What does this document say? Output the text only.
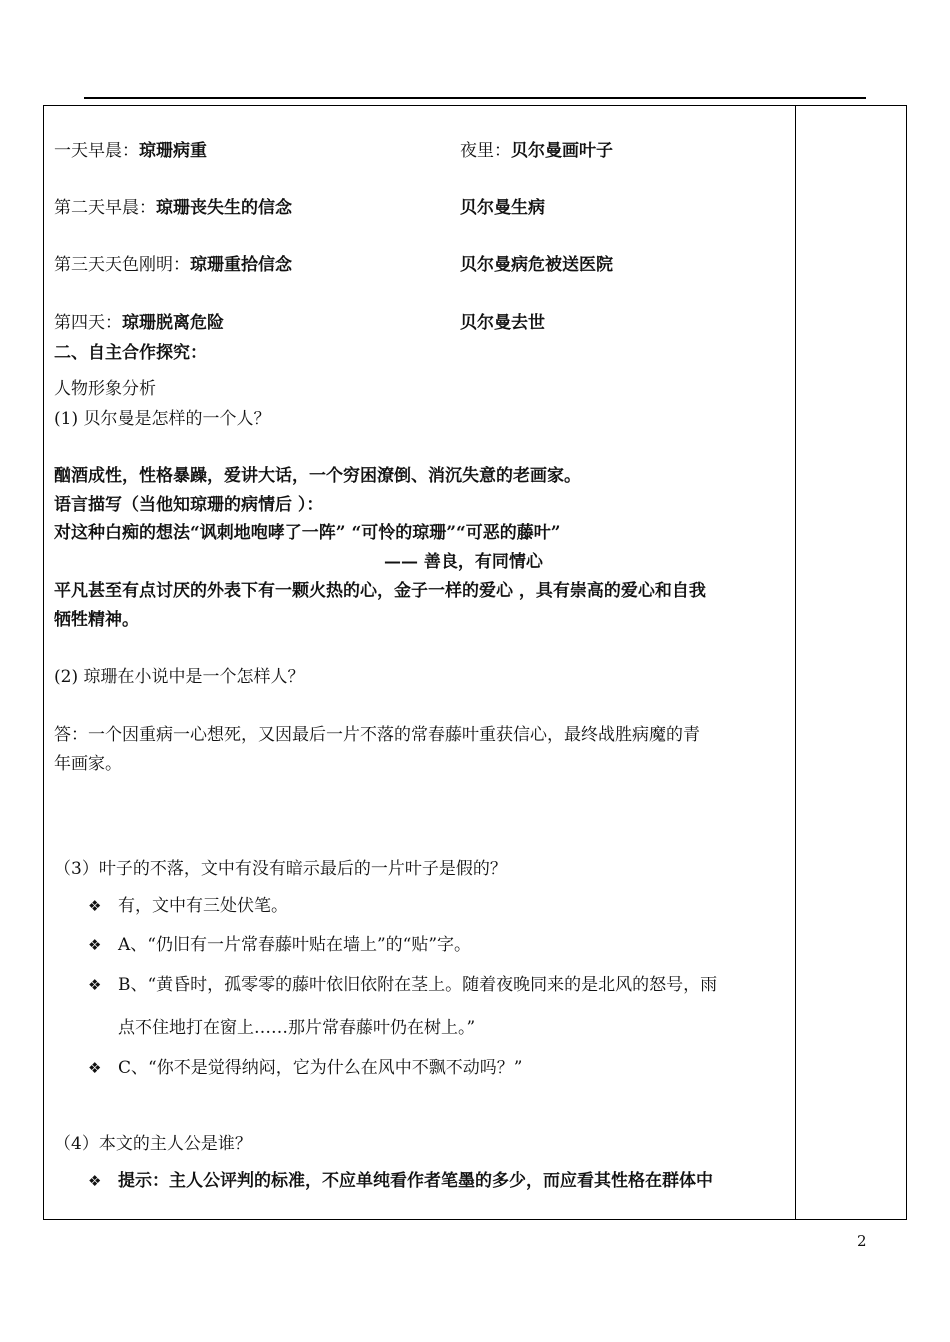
一天早晨：琼珊病重	夜里：贝尔曼画叶子
第二天早晨：琼珊丧失生的信念	贝尔曼生病
第三天天色刚明：琼珊重拾信念	贝尔曼病危被送医院
第四天：琼珊脱离危险	贝尔曼去世
二、自主合作探究：
人物形象分析
(1) 贝尔曼是怎样的一个人？
酗酒成性，性格暴躁，爱讲大话，一个穷困潦倒、消沉失意的老画家。
语言描写（当他知琼珊的病情后 ）：
对这种白痴的想法“讽刺地咆哮了一阵” “可怜的琼珊”“可恶的藤叶”
—— 善良，有同情心
平凡甚至有点讨厌的外表下有一颗火热的心，金子一样的爱心 ，具有崇高的爱心和自我
牺牲精神。
(2) 琼珊在小说中是一个怎样人？
答：一个因重病一心想死，又因最后一片不落的常春藤叶重获信心，最终战胜病魔的青
年画家。
（3）叶子的不落，文中有没有暗示最后的一片叶子是假的？
❖ 有，文中有三处伏笔。
❖ A、“仍旧有一片常春藤叶贴在墙上”的“贴”字。
❖ B、“黄昏时，孤零零的藤叶依旧依附在茎上。随着夜晚同来的是北风的怒号，雨
点不住地打在窗上……那片常春藤叶仍在树上。”
❖ C、“你不是觉得纳闷，它为什么在风中不飘不动吗？”
（4）本文的主人公是谁？
❖ 提示：主人公评判的标准，不应单纯看作者笔墨的多少，而应看其性格在群体中
2
